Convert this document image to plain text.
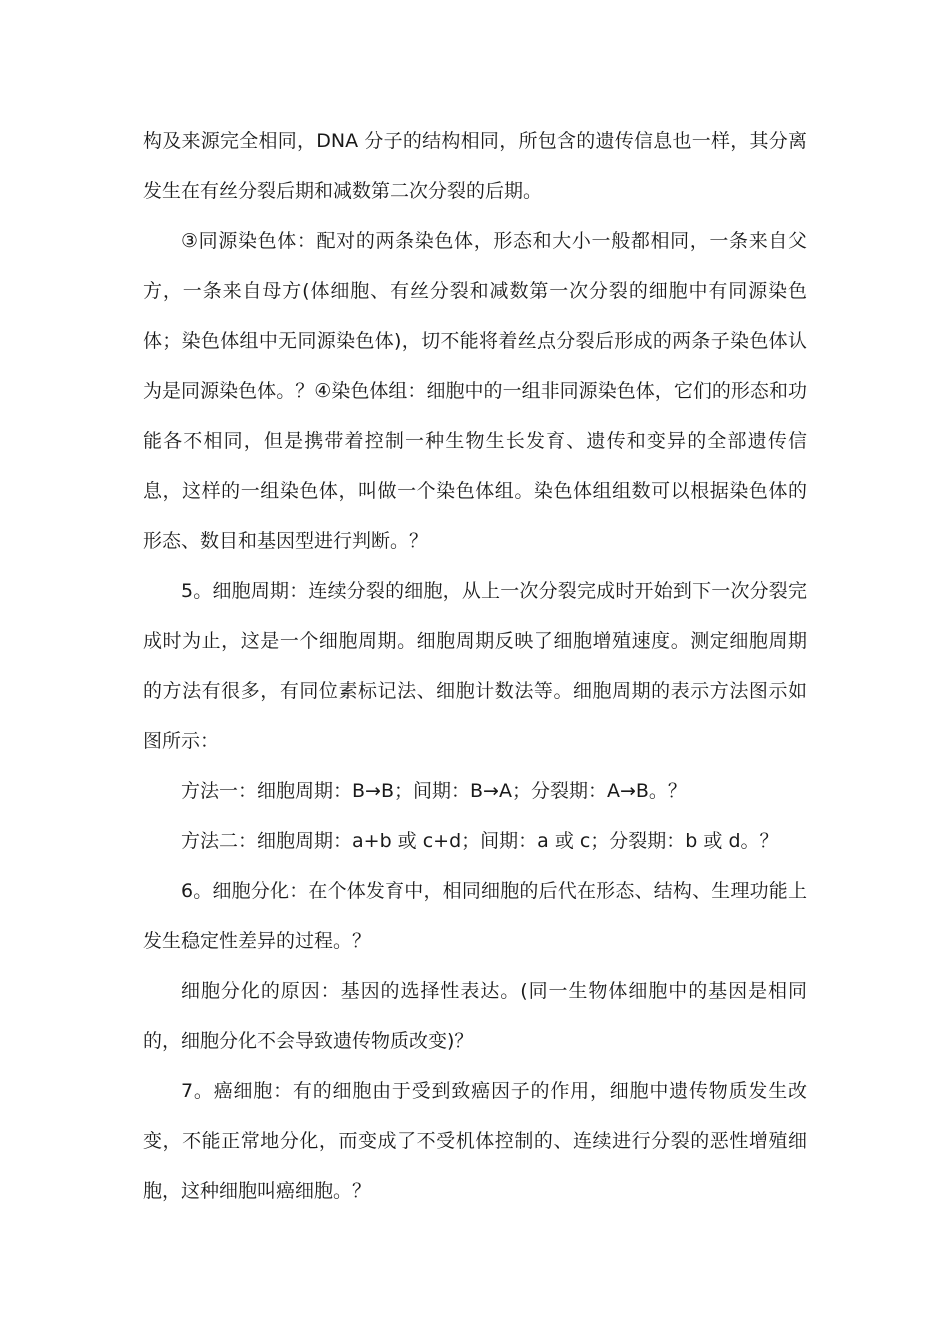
构及来源完全相同，DNA 分子的结构相同，所包含的遗传信息也一样，其分离发生在有丝分裂后期和减数第二次分裂的后期。

③同源染色体：配对的两条染色体，形态和大小一般都相同，一条来自父方，一条来自母方(体细胞、有丝分裂和减数第一次分裂的细胞中有同源染色体；染色体组中无同源染色体)，切不能将着丝点分裂后形成的两条子染色体认为是同源染色体。？④染色体组：细胞中的一组非同源染色体，它们的形态和功能各不相同，但是携带着控制一种生物生长发育、遗传和变异的全部遗传信息，这样的一组染色体，叫做一个染色体组。染色体组组数可以根据染色体的形态、数目和基因型进行判断。？

5。细胞周期：连续分裂的细胞，从上一次分裂完成时开始到下一次分裂完成时为止，这是一个细胞周期。细胞周期反映了细胞增殖速度。测定细胞周期的方法有很多，有同位素标记法、细胞计数法等。细胞周期的表示方法图示如图所示：

方法一：细胞周期：B→B；间期：B→A；分裂期：A→B。？

方法二：细胞周期：a+b 或 c+d；间期：a 或 c；分裂期：b 或 d。？

6。细胞分化：在个体发育中，相同细胞的后代在形态、结构、生理功能上发生稳定性差异的过程。？

细胞分化的原因：基因的选择性表达。(同一生物体细胞中的基因是相同的，细胞分化不会导致遗传物质改变)？

7。癌细胞：有的细胞由于受到致癌因子的作用，细胞中遗传物质发生改变，不能正常地分化，而变成了不受机体控制的、连续进行分裂的恶性增殖细胞，这种细胞叫癌细胞。？
